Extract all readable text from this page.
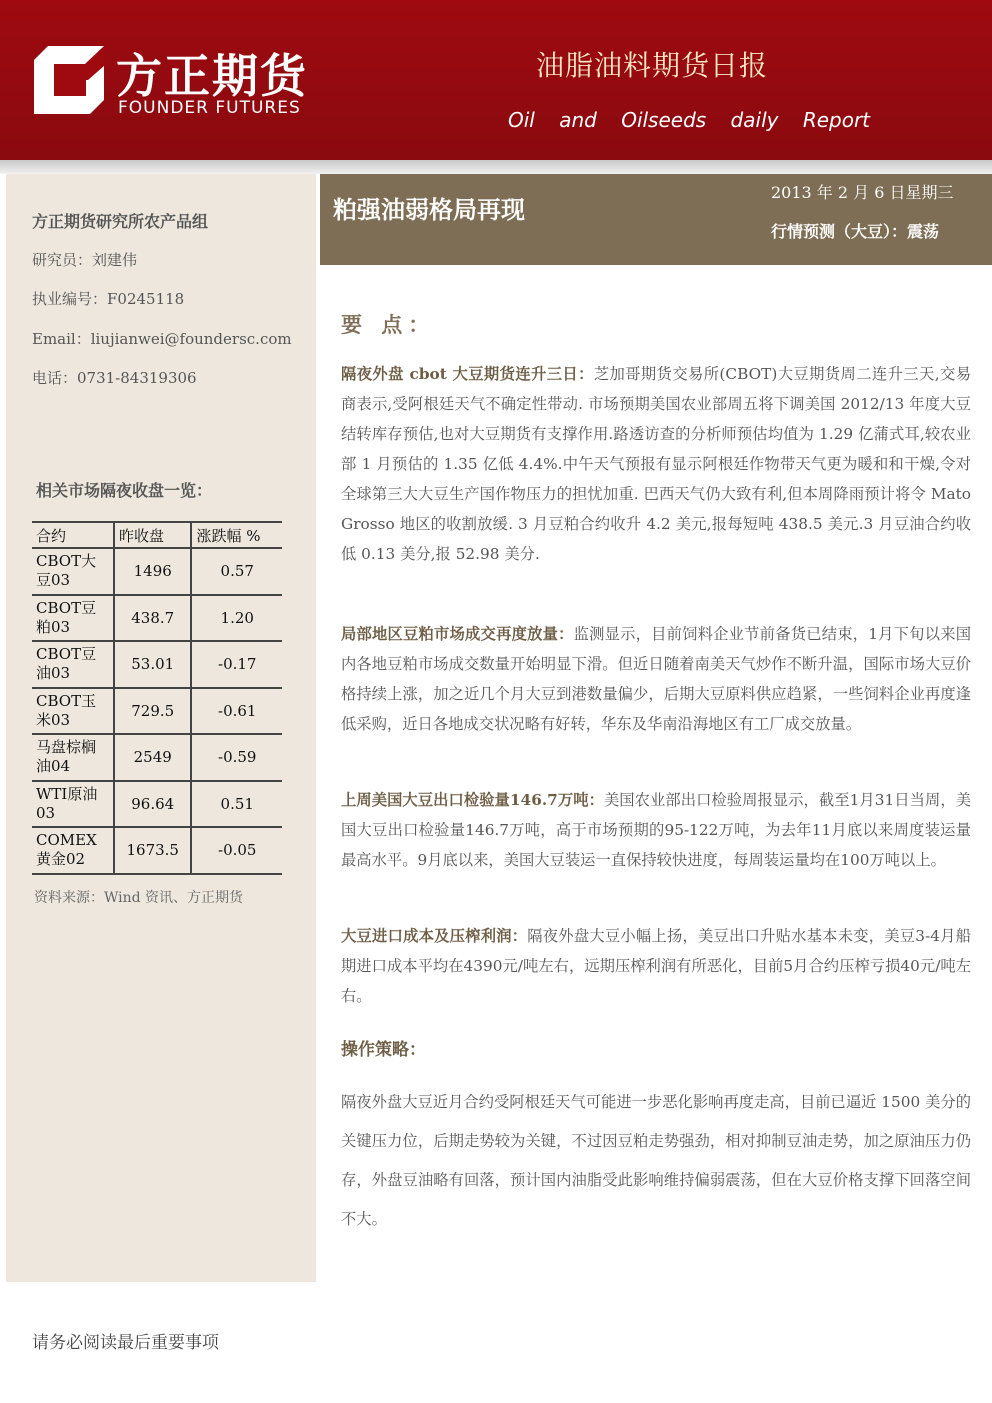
方正期货
FOUNDER FUTURES
油脂油料期货日报
Oil and Oilseeds daily Report
方正期货研究所农产品组
研究员：刘建伟
执业编号：F0245118
Email：liujianwei@foundersc.com
电话：0731-84319306
相关市场隔夜收盘一览：
合约	昨收盘	涨跌幅 %
CBOT大豆03	1496	0.57
CBOT豆粕03	438.7	1.20
CBOT豆油03	53.01	-0.17
CBOT玉米03	729.5	-0.61
马盘棕榈油04	2549	-0.59
WTI原油03	96.64	0.51
COMEX黄金02	1673.5	-0.05
资料来源：Wind 资讯、方正期货
粕强油弱格局再现
2013 年 2 月 6 日星期三
行情预测（大豆）：震荡
要 点：
隔夜外盘 cbot 大豆期货连升三日：芝加哥期货交易所(CBOT)大豆期货周二连升三天,交易商表示,受阿根廷天气不确定性带动. 市场预期美国农业部周五将下调美国 2012/13 年度大豆结转库存预估,也对大豆期货有支撑作用.路透访查的分析师预估均值为 1.29 亿蒲式耳,较农业部 1 月预估的 1.35 亿低 4.4%.中午天气预报有显示阿根廷作物带天气更为暖和和干燥,令对全球第三大大豆生产国作物压力的担忧加重. 巴西天气仍大致有利,但本周降雨预计将令 Mato Grosso 地区的收割放缓. 3 月豆粕合约收升 4.2 美元,报每短吨 438.5 美元.3 月豆油合约收低 0.13 美分,报 52.98 美分.
局部地区豆粕市场成交再度放量：监测显示，目前饲料企业节前备货已结束，1月下旬以来国内各地豆粕市场成交数量开始明显下滑。但近日随着南美天气炒作不断升温，国际市场大豆价格持续上涨，加之近几个月大豆到港数量偏少，后期大豆原料供应趋紧，一些饲料企业再度逢低采购，近日各地成交状况略有好转，华东及华南沿海地区有工厂成交放量。
上周美国大豆出口检验量146.7万吨：美国农业部出口检验周报显示，截至1月31日当周，美国大豆出口检验量146.7万吨，高于市场预期的95-122万吨，为去年11月底以来周度装运量最高水平。9月底以来，美国大豆装运一直保持较快进度，每周装运量均在100万吨以上。
大豆进口成本及压榨利润：隔夜外盘大豆小幅上扬，美豆出口升贴水基本未变，美豆3-4月船期进口成本平均在4390元/吨左右，远期压榨利润有所恶化，目前5月合约压榨亏损40元/吨左右。
操作策略：
隔夜外盘大豆近月合约受阿根廷天气可能进一步恶化影响再度走高，目前已逼近 1500 美分的关键压力位，后期走势较为关键，不过因豆粕走势强劲，相对抑制豆油走势，加之原油压力仍存，外盘豆油略有回落，预计国内油脂受此影响维持偏弱震荡，但在大豆价格支撑下回落空间不大。
请务必阅读最后重要事项
